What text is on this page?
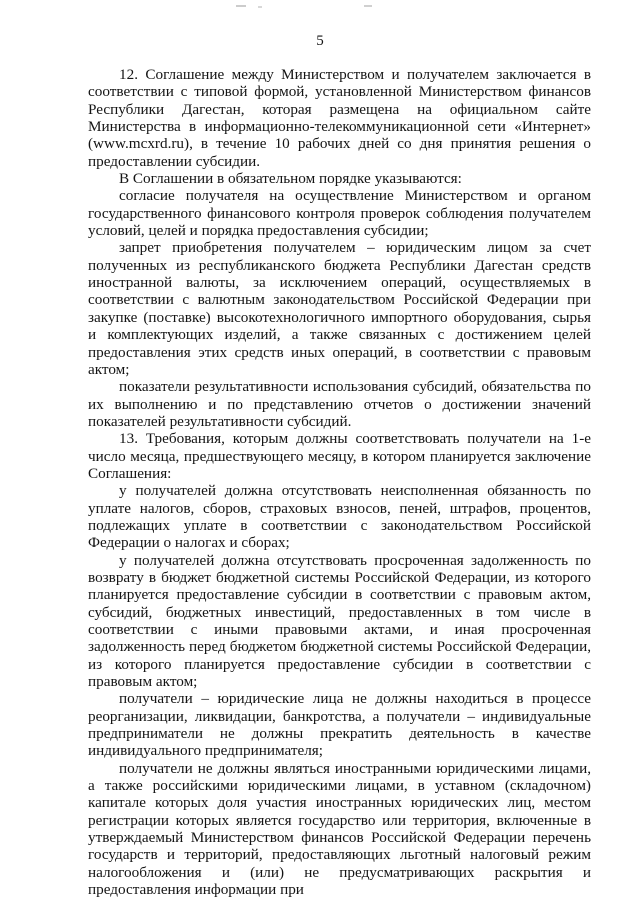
5

12. Соглашение между Министерством и получателем заключается в соответствии с типовой формой, установленной Министерством финансов Республики Дагестан, которая размещена на официальном сайте Министерства в информационно-телекоммуникационной сети «Интернет» (www.mcxrd.ru), в течение 10 рабочих дней со дня принятия решения о предоставлении субсидии.

В Соглашении в обязательном порядке указываются:

согласие получателя на осуществление Министерством и органом государственного финансового контроля проверок соблюдения получателем условий, целей и порядка предоставления субсидии;

запрет приобретения получателем – юридическим лицом за счет полученных из республиканского бюджета Республики Дагестан средств иностранной валюты, за исключением операций, осуществляемых в соответствии с валютным законодательством Российской Федерации при закупке (поставке) высокотехнологичного импортного оборудования, сырья и комплектующих изделий, а также связанных с достижением целей предоставления этих средств иных операций, в соответствии с правовым актом;

показатели результативности использования субсидий, обязательства по их выполнению и по представлению отчетов о достижении значений показателей результативности субсидий.

13. Требования, которым должны соответствовать получатели на 1-е число месяца, предшествующего месяцу, в котором планируется заключение Соглашения:

у получателей должна отсутствовать неисполненная обязанность по уплате налогов, сборов, страховых взносов, пеней, штрафов, процентов, подлежащих уплате в соответствии с законодательством Российской Федерации о налогах и сборах;

у получателей должна отсутствовать просроченная задолженность по возврату в бюджет бюджетной системы Российской Федерации, из которого планируется предоставление субсидии в соответствии с правовым актом, субсидий, бюджетных инвестиций, предоставленных в том числе в соответствии с иными правовыми актами, и иная просроченная задолженность перед бюджетом бюджетной системы Российской Федерации, из которого планируется предоставление субсидии в соответствии с правовым актом;

получатели – юридические лица не должны находиться в процессе реорганизации, ликвидации, банкротства, а получатели – индивидуальные предприниматели не должны прекратить деятельность в качестве индивидуального предпринимателя;

получатели не должны являться иностранными юридическими лицами, а также российскими юридическими лицами, в уставном (складочном) капитале которых доля участия иностранных юридических лиц, местом регистрации которых является государство или территория, включенные в утверждаемый Министерством финансов Российской Федерации перечень государств и территорий, предоставляющих льготный налоговый режим налогообложения и (или) не предусматривающих раскрытия и предоставления информации при
